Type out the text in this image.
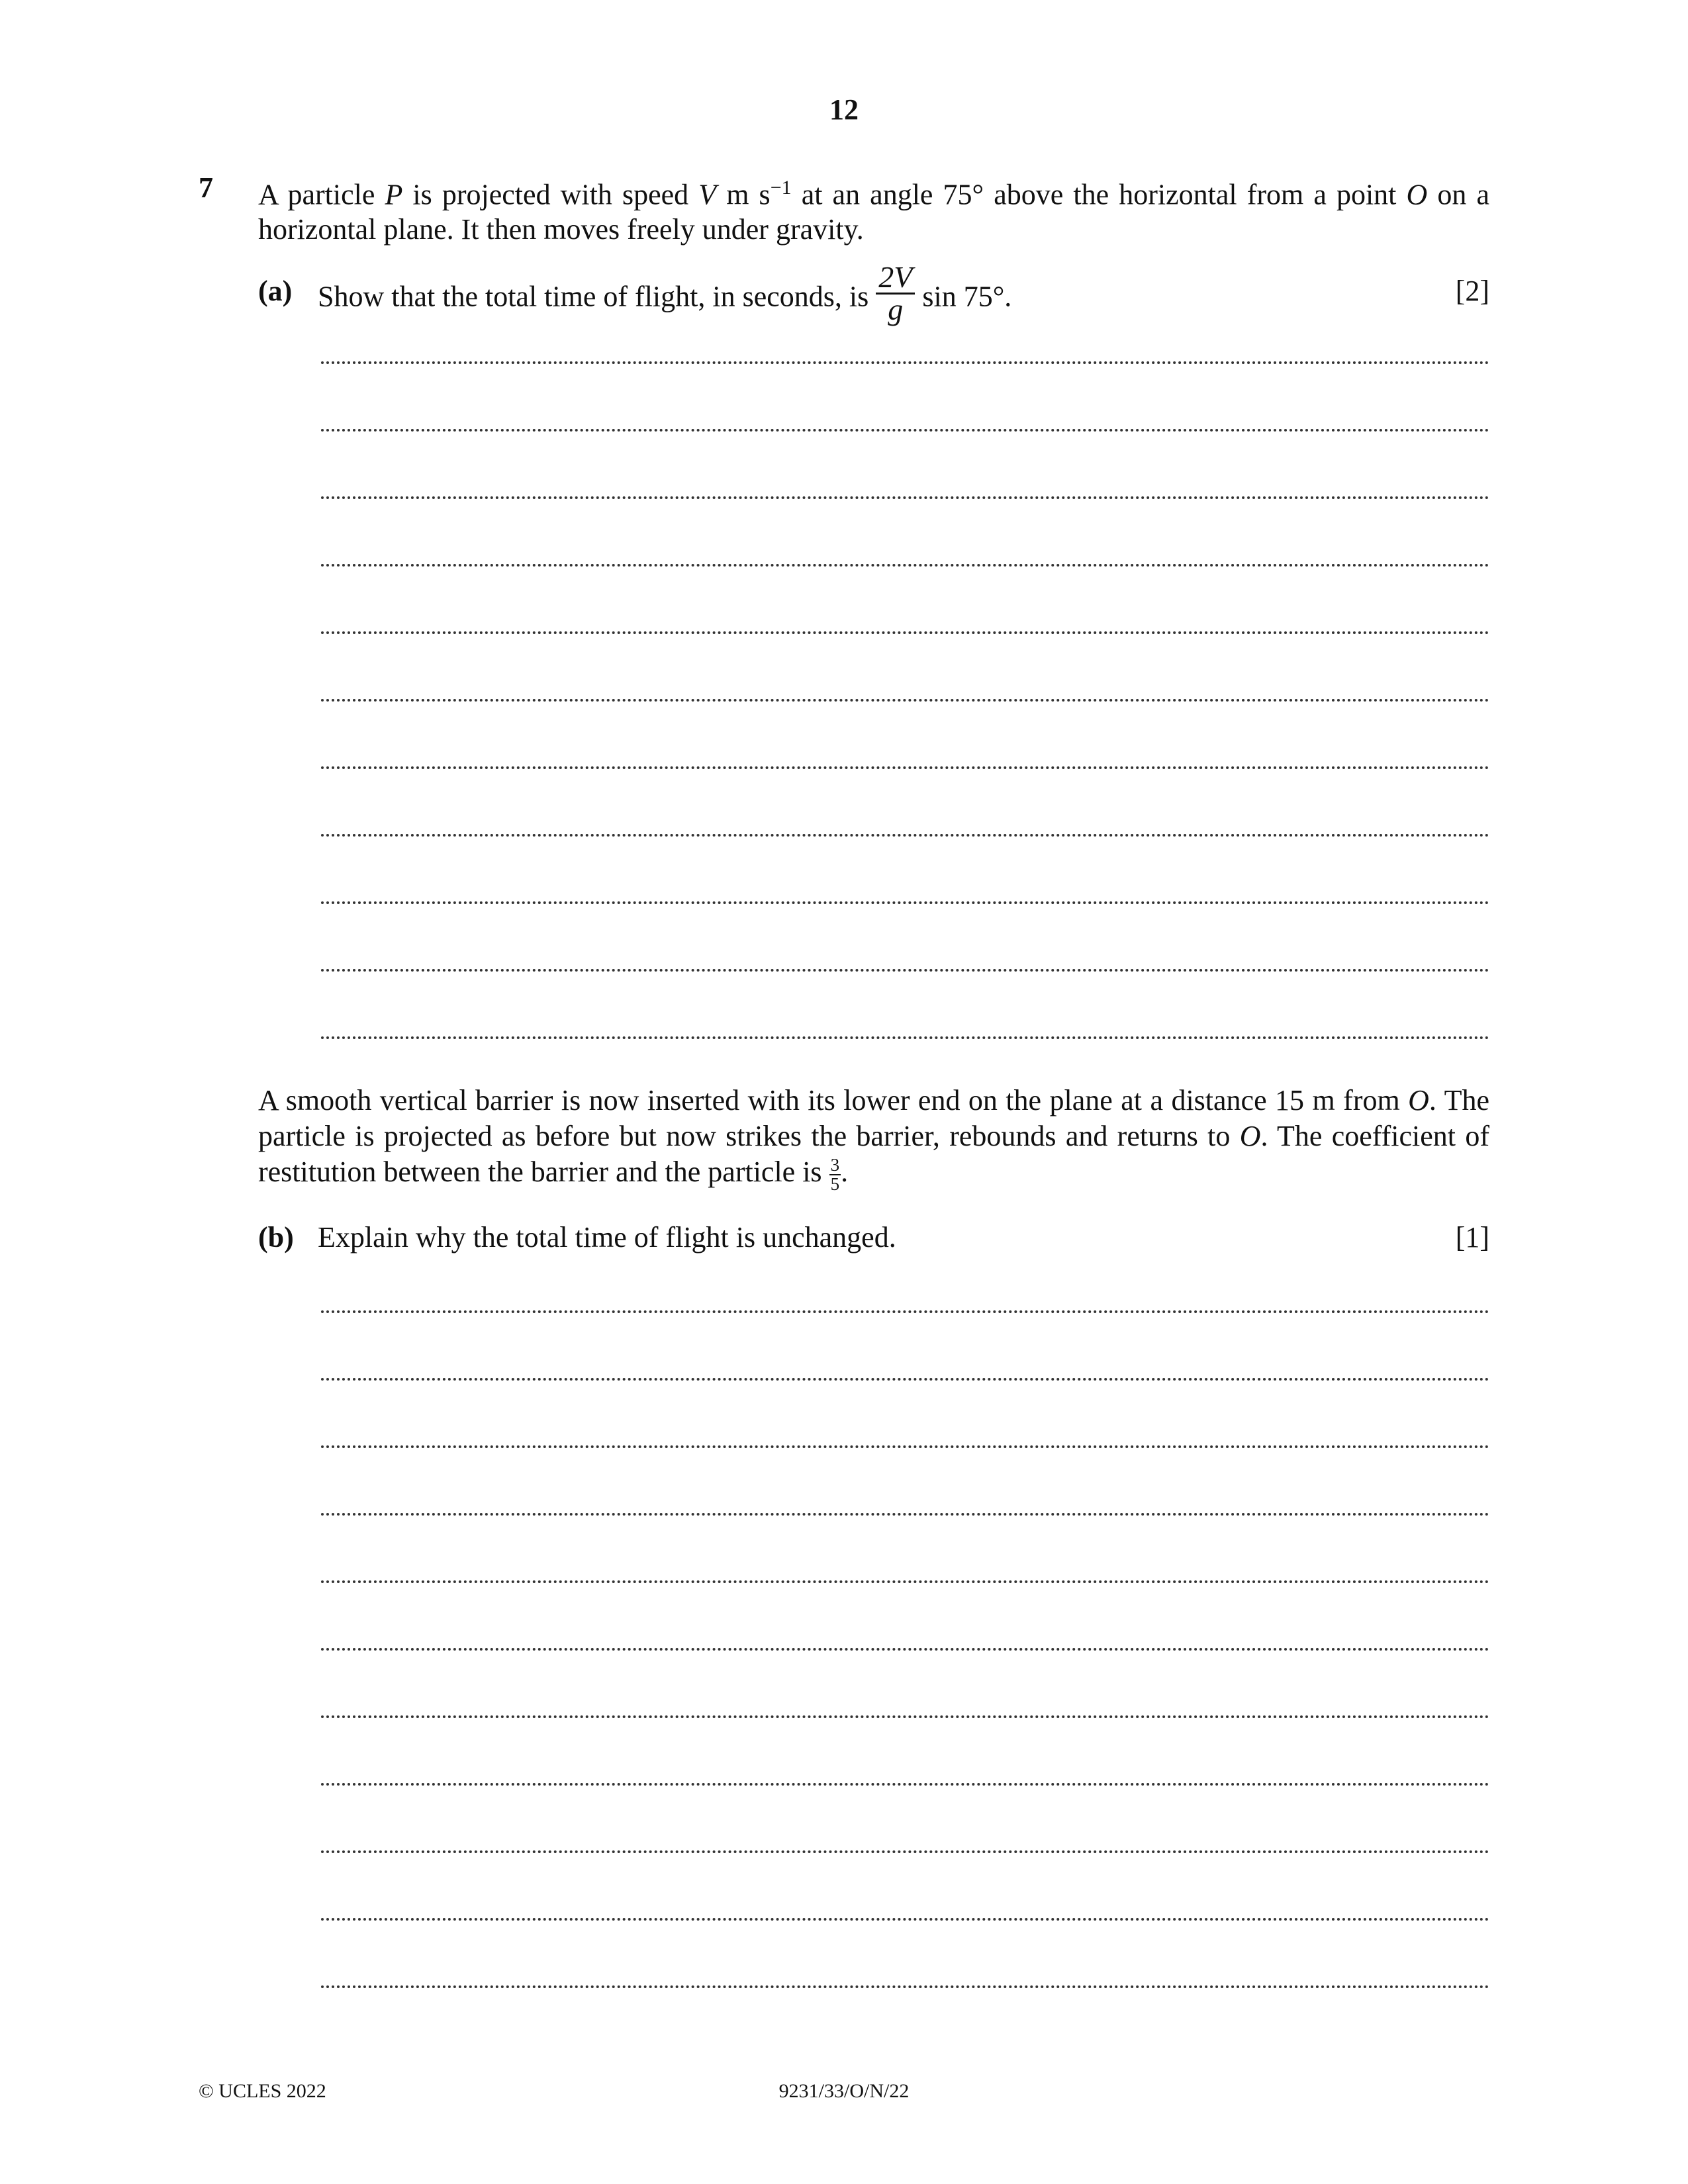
12
7 A particle P is projected with speed V m $s^{-1}$ at an angle 75° above the horizontal from a point O on a horizontal plane. It then moves freely under gravity.
(a) Show that the total time of flight, in seconds, is $\frac{2V}{g}$ sin 75°.	[2]
A smooth vertical barrier is now inserted with its lower end on the plane at a distance 15 m from O. The particle is projected as before but now strikes the barrier, rebounds and returns to O. The coefficient of restitution between the barrier and the particle is $\frac{3}{5}$ .
(b) Explain why the total time of flight is unchanged.	[1]
© UCLES 2022	9231/33/O/N/22
